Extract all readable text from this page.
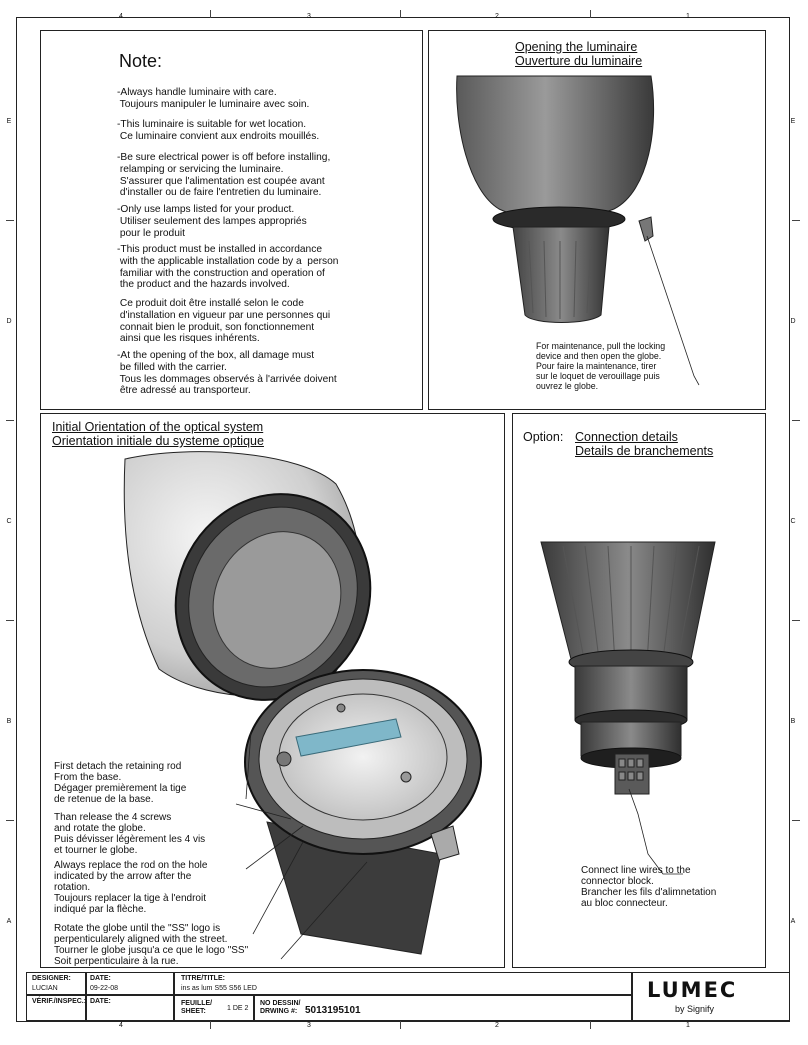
4	3	2	1
4	3	2	1
E
D
C
B
A
E
D
C
B
A
Note:
-Always handle luminaire with care.
Toujours manipuler le luminaire avec soin.
-This luminaire is suitable for wet location.
Ce luminaire convient aux endroits mouillés.
-Be sure electrical power is off before installing,
relamping or servicing the luminaire.
S'assurer que l'alimentation est coupée avant
d'installer ou de faire l'entretien du luminaire.
-Only use lamps listed for your product.
Utiliser seulement des lampes appropriés
pour le produit
-This product must be installed in accordance
with the applicable installation code by a  person
familiar with the construction and operation of
the product and the hazards involved.
Ce produit doit être installé selon le code
d'installation en vigueur par une personnes qui
connait bien le produit, son fonctionnement
ainsi que les risques inhérents.
-At the opening of the box, all damage must
be filled with the carrier.
Tous les dommages observés à l'arrivée doivent
être adressé au transporteur.
Opening the luminaire
Ouverture du luminaire
For maintenance, pull the locking
device and then open the globe.
Pour faire la maintenance, tirer
sur le loquet de verouillage puis
ouvrez le globe.
Initial Orientation of the optical system
Orientation initiale du systeme optique
First detach the retaining rod
From the base.
Dégager premièrement la tige
de retenue de la base.
Than release the 4 screws
and rotate the globe.
Puis dévisser légèrement les 4 vis
et tourner le globe.
Always replace the rod on the hole
indicated by the arrow after the
rotation.
Toujours replacer la tige à l'endroit
indiqué par la flèche.
Rotate the globe until the "SS" logo is
perpenticularely aligned with the street.
Tourner le globe jusqu'a ce que le logo "SS"
Soit perpenticulaire à la rue.
Option: Connection details
Details de branchements
Connect line wires to the
connector block.
Brancher les fils d'alimnetation
au bloc connecteur.
DESIGNER:
LUCIAN
DATE:
09-22-08
TITRE/TITLE:
ins as lum S55 S56 LED
VÉRIF./INSPEC.: DATE:	FEUILLE/
SHEET:	1 DE 2
NO DESSIN/
DRWING #: 5013195101
LUMEC
by Signify
